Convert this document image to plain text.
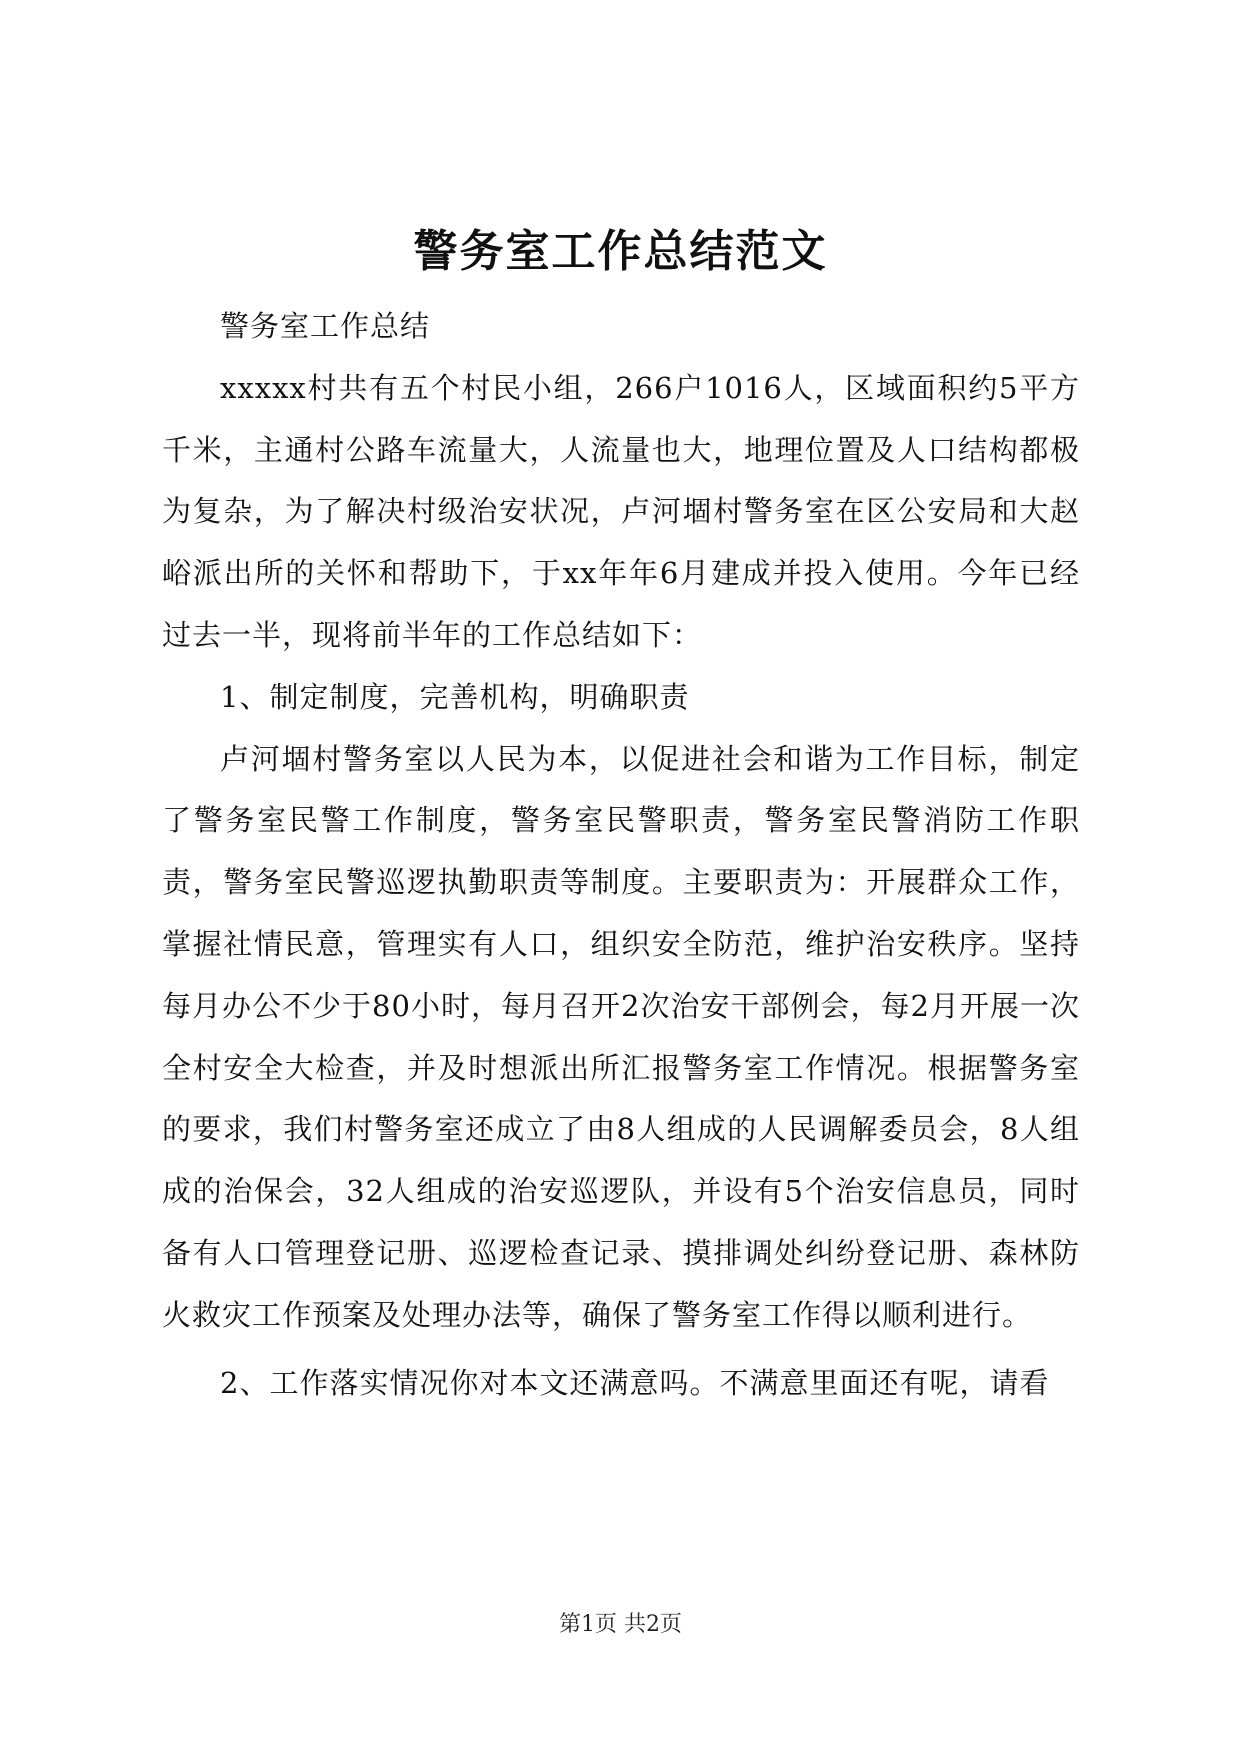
警务室工作总结范文

警务室工作总结

xxxxx村共有五个村民小组，266户1016人，区域面积约5平方千米，主通村公路车流量大，人流量也大，地理位置及人口结构都极为复杂，为了解决村级治安状况，卢河堌村警务室在区公安局和大赵峪派出所的关怀和帮助下，于xx年年6月建成并投入使用。今年已经过去一半，现将前半年的工作总结如下：

1、制定制度，完善机构，明确职责

卢河堌村警务室以人民为本，以促进社会和谐为工作目标，制定了警务室民警工作制度，警务室民警职责，警务室民警消防工作职责，警务室民警巡逻执勤职责等制度。主要职责为：开展群众工作，掌握社情民意，管理实有人口，组织安全防范，维护治安秩序。坚持每月办公不少于80小时，每月召开2次治安干部例会，每2月开展一次全村安全大检查，并及时想派出所汇报警务室工作情况。根据警务室的要求，我们村警务室还成立了由8人组成的人民调解委员会，8人组成的治保会，32人组成的治安巡逻队，并设有5个治安信息员，同时备有人口管理登记册、巡逻检查记录、摸排调处纠纷登记册、森林防火救灾工作预案及处理办法等，确保了警务室工作得以顺利进行。

2、工作落实情况你对本文还满意吗。不满意里面还有呢，请看

第1页 共2页
